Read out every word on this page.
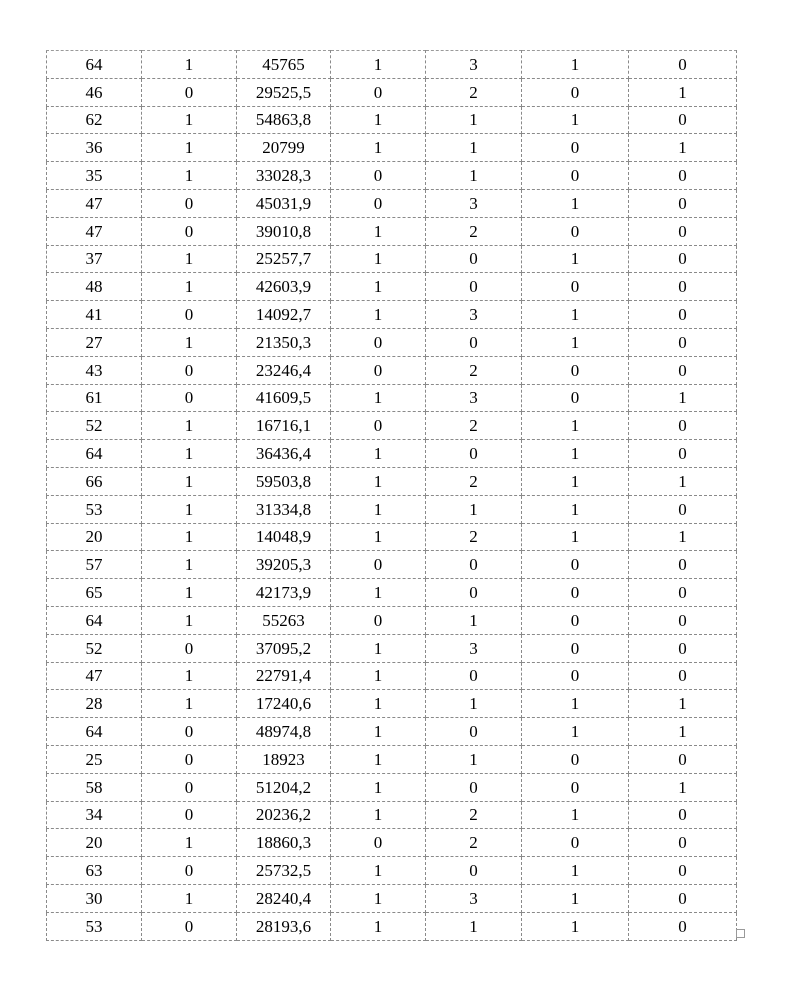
64	1	45765	1	3	1	0
46	0	29525,5	0	2	0	1
62	1	54863,8	1	1	1	0
36	1	20799	1	1	0	1
35	1	33028,3	0	1	0	0
47	0	45031,9	0	3	1	0
47	0	39010,8	1	2	0	0
37	1	25257,7	1	0	1	0
48	1	42603,9	1	0	0	0
41	0	14092,7	1	3	1	0
27	1	21350,3	0	0	1	0
43	0	23246,4	0	2	0	0
61	0	41609,5	1	3	0	1
52	1	16716,1	0	2	1	0
64	1	36436,4	1	0	1	0
66	1	59503,8	1	2	1	1
53	1	31334,8	1	1	1	0
20	1	14048,9	1	2	1	1
57	1	39205,3	0	0	0	0
65	1	42173,9	1	0	0	0
64	1	55263	0	1	0	0
52	0	37095,2	1	3	0	0
47	1	22791,4	1	0	0	0
28	1	17240,6	1	1	1	1
64	0	48974,8	1	0	1	1
25	0	18923	1	1	0	0
58	0	51204,2	1	0	0	1
34	0	20236,2	1	2	1	0
20	1	18860,3	0	2	0	0
63	0	25732,5	1	0	1	0
30	1	28240,4	1	3	1	0
53	0	28193,6	1	1	1	0
